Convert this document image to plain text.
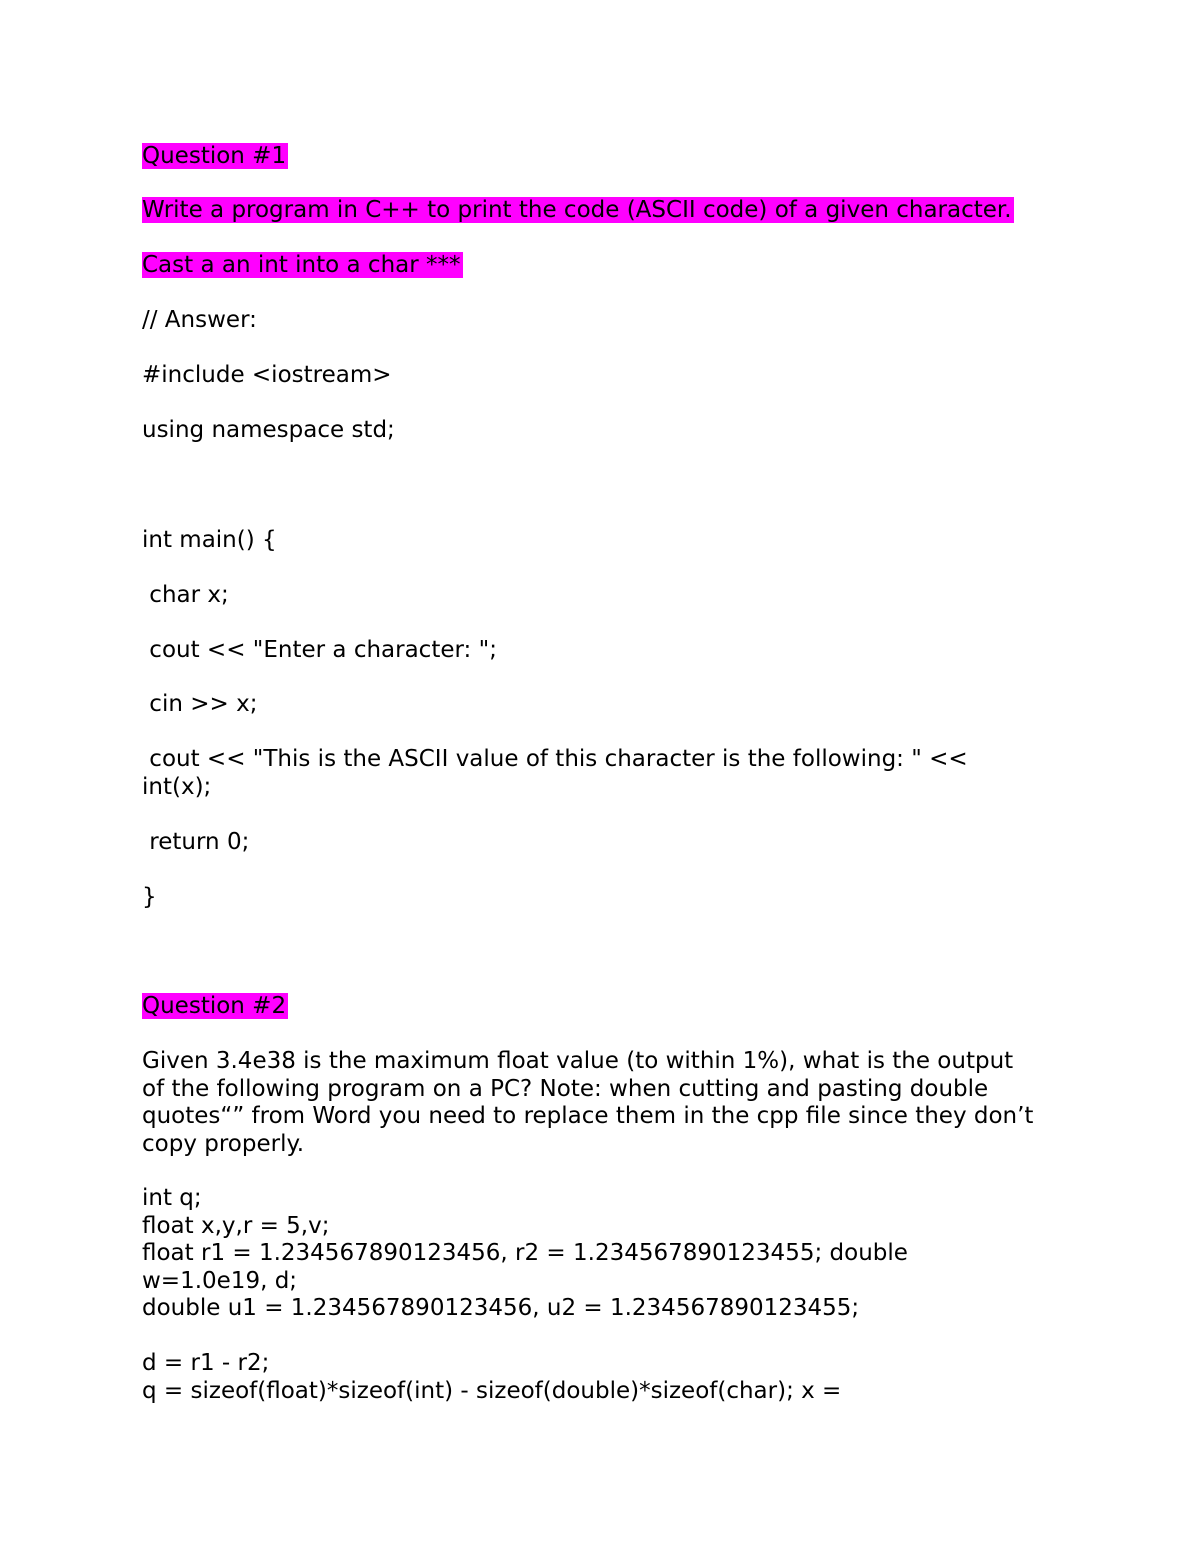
Question #1
Write a program in C++ to print the code (ASCII code) of a given character.
Cast a an int into a char ***
// Answer:
#include <iostream>
using namespace std;
int main() {
char x;
cout << "Enter a character: ";
cin >> x;
cout << "This is the ASCII value of this character is the following: " <<
int(x);
return 0;
}
Question #2
Given 3.4e38 is the maximum float value (to within 1%), what is the output
of the following program on a PC? Note: when cutting and pasting double
quotes“” from Word you need to replace them in the cpp file since they don’t
copy properly.
int q;
float x,y,r = 5,v;
float r1 = 1.234567890123456, r2 = 1.234567890123455; double
w=1.0e19, d;
double u1 = 1.234567890123456, u2 = 1.234567890123455;
d = r1 - r2;
q = sizeof(float)*sizeof(int) - sizeof(double)*sizeof(char); x =
